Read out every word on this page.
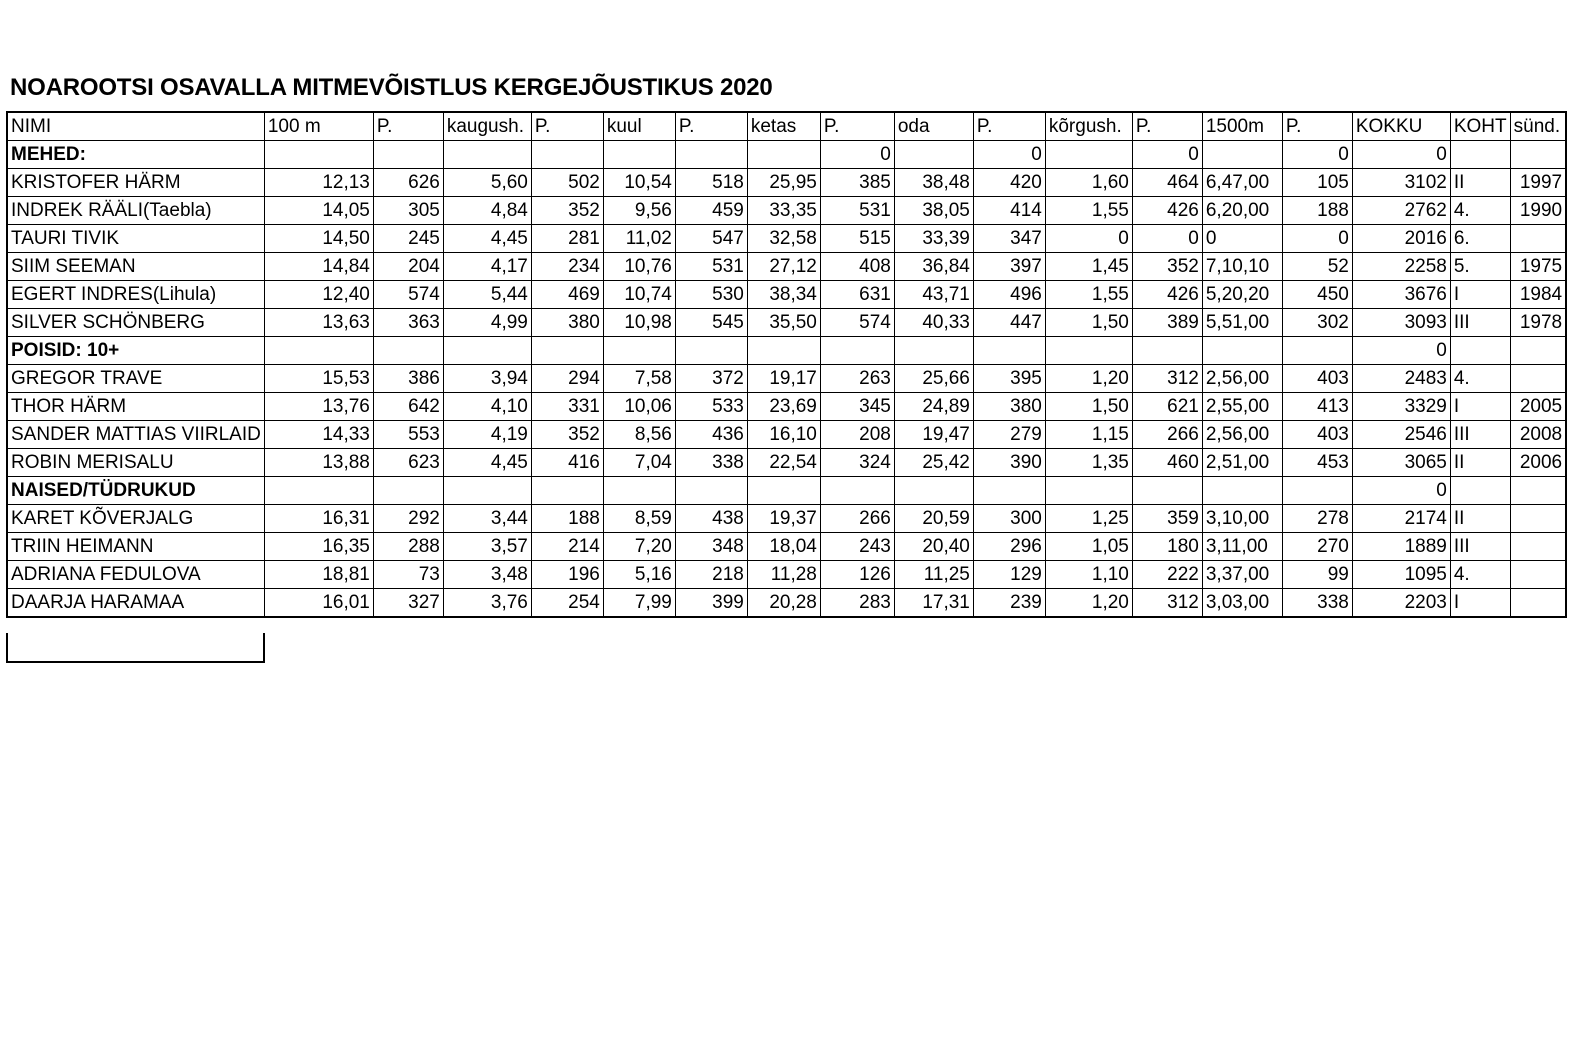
NOAROOTSI OSAVALLA MITMEVÕISTLUS KERGEJÕUSTIKUS 2020
NIMI	100 m	P.	kaugush.	P.	kuul	P.	ketas	P.	oda	P.	kõrgush.	P.	1500m	P.	KOKKU	KOHT	sünd.
MEHED:								0		0		0		0	0		
KRISTOFER HÄRM	12,13	626	5,60	502	10,54	518	25,95	385	38,48	420	1,60	464	6,47,00	105	3102	II	1997
INDREK RÄÄLI(Taebla)	14,05	305	4,84	352	9,56	459	33,35	531	38,05	414	1,55	426	6,20,00	188	2762	4.	1990
TAURI TIVIK	14,50	245	4,45	281	11,02	547	32,58	515	33,39	347	0	0	0	0	2016	6.	
SIIM SEEMAN	14,84	204	4,17	234	10,76	531	27,12	408	36,84	397	1,45	352	7,10,10	52	2258	5.	1975
EGERT INDRES(Lihula)	12,40	574	5,44	469	10,74	530	38,34	631	43,71	496	1,55	426	5,20,20	450	3676	I	1984
SILVER SCHÖNBERG	13,63	363	4,99	380	10,98	545	35,50	574	40,33	447	1,50	389	5,51,00	302	3093	III	1978
POISID: 10+															0		
GREGOR TRAVE	15,53	386	3,94	294	7,58	372	19,17	263	25,66	395	1,20	312	2,56,00	403	2483	4.	
THOR HÄRM	13,76	642	4,10	331	10,06	533	23,69	345	24,89	380	1,50	621	2,55,00	413	3329	I	2005
SANDER MATTIAS VIIRLAID	14,33	553	4,19	352	8,56	436	16,10	208	19,47	279	1,15	266	2,56,00	403	2546	III	2008
ROBIN MERISALU	13,88	623	4,45	416	7,04	338	22,54	324	25,42	390	1,35	460	2,51,00	453	3065	II	2006
NAISED/TÜDRUKUD															0		
KARET KÕVERJALG	16,31	292	3,44	188	8,59	438	19,37	266	20,59	300	1,25	359	3,10,00	278	2174	II	
TRIIN HEIMANN	16,35	288	3,57	214	7,20	348	18,04	243	20,40	296	1,05	180	3,11,00	270	1889	III	
ADRIANA FEDULOVA	18,81	73	3,48	196	5,16	218	11,28	126	11,25	129	1,10	222	3,37,00	99	1095	4.	
DAARJA HARAMAA	16,01	327	3,76	254	7,99	399	20,28	283	17,31	239	1,20	312	3,03,00	338	2203	I	
